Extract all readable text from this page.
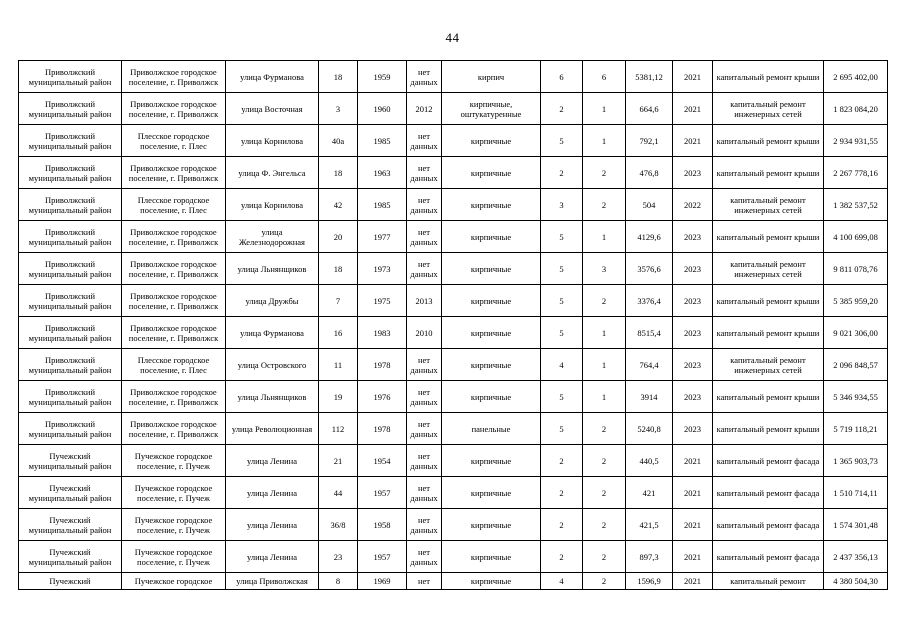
44
Приволжский муниципальный район	Приволжское городское поселение, г. Приволжск	улица Фурманова	18	1959	нет данных	кирпич	6	6	5381,12	2021	капитальный ремонт крыши	2 695 402,00
Приволжский муниципальный район	Приволжское городское поселение, г. Приволжск	улица Восточная	3	1960	2012	кирпичные, оштукатуренные	2	1	664,6	2021	капитальный ремонт инженерных сетей	1 823 084,20
Приволжский муниципальный район	Плесское городское поселение, г. Плес	улица Корнилова	40а	1985	нет данных	кирпичные	5	1	792,1	2021	капитальный ремонт крыши	2 934 931,55
Приволжский муниципальный район	Приволжское городское поселение, г. Приволжск	улица Ф. Энгельса	18	1963	нет данных	кирпичные	2	2	476,8	2023	капитальный ремонт крыши	2 267 778,16
Приволжский муниципальный район	Плесское городское поселение, г. Плес	улица Корнилова	42	1985	нет данных	кирпичные	3	2	504	2022	капитальный ремонт инженерных сетей	1 382 537,52
Приволжский муниципальный район	Приволжское городское поселение, г. Приволжск	улица Железнодорожная	20	1977	нет данных	кирпичные	5	1	4129,6	2023	капитальный ремонт крыши	4 100 699,08
Приволжский муниципальный район	Приволжское городское поселение, г. Приволжск	улица Льнянщиков	18	1973	нет данных	кирпичные	5	3	3576,6	2023	капитальный ремонт инженерных сетей	9 811 078,76
Приволжский муниципальный район	Приволжское городское поселение, г. Приволжск	улица Дружбы	7	1975	2013	кирпичные	5	2	3376,4	2023	капитальный ремонт крыши	5 385 959,20
Приволжский муниципальный район	Приволжское городское поселение, г. Приволжск	улица Фурманова	16	1983	2010	кирпичные	5	1	8515,4	2023	капитальный ремонт крыши	9 021 306,00
Приволжский муниципальный район	Плесское городское поселение, г. Плес	улица Островского	11	1978	нет данных	кирпичные	4	1	764,4	2023	капитальный ремонт инженерных сетей	2 096 848,57
Приволжский муниципальный район	Приволжское городское поселение, г. Приволжск	улица Льнянщиков	19	1976	нет данных	кирпичные	5	1	3914	2023	капитальный ремонт крыши	5 346 934,55
Приволжский муниципальный район	Приволжское городское поселение, г. Приволжск	улица Революционная	112	1978	нет данных	панельные	5	2	5240,8	2023	капитальный ремонт крыши	5 719 118,21
Пучежский муниципальный район	Пучежское городское поселение, г. Пучеж	улица Ленина	21	1954	нет данных	кирпичные	2	2	440,5	2021	капитальный ремонт фасада	1 365 903,73
Пучежский муниципальный район	Пучежское городское поселение, г. Пучеж	улица Ленина	44	1957	нет данных	кирпичные	2	2	421	2021	капитальный ремонт фасада	1 510 714,11
Пучежский муниципальный район	Пучежское городское поселение, г. Пучеж	улица Ленина	36/8	1958	нет данных	кирпичные	2	2	421,5	2021	капитальный ремонт фасада	1 574 301,48
Пучежский муниципальный район	Пучежское городское поселение, г. Пучеж	улица Ленина	23	1957	нет данных	кирпичные	2	2	897,3	2021	капитальный ремонт фасада	2 437 356,13
Пучежский	Пучежское городское	улица Приволжская	8	1969	нет	кирпичные	4	2	1596,9	2021	капитальный ремонт	4 380 504,30
